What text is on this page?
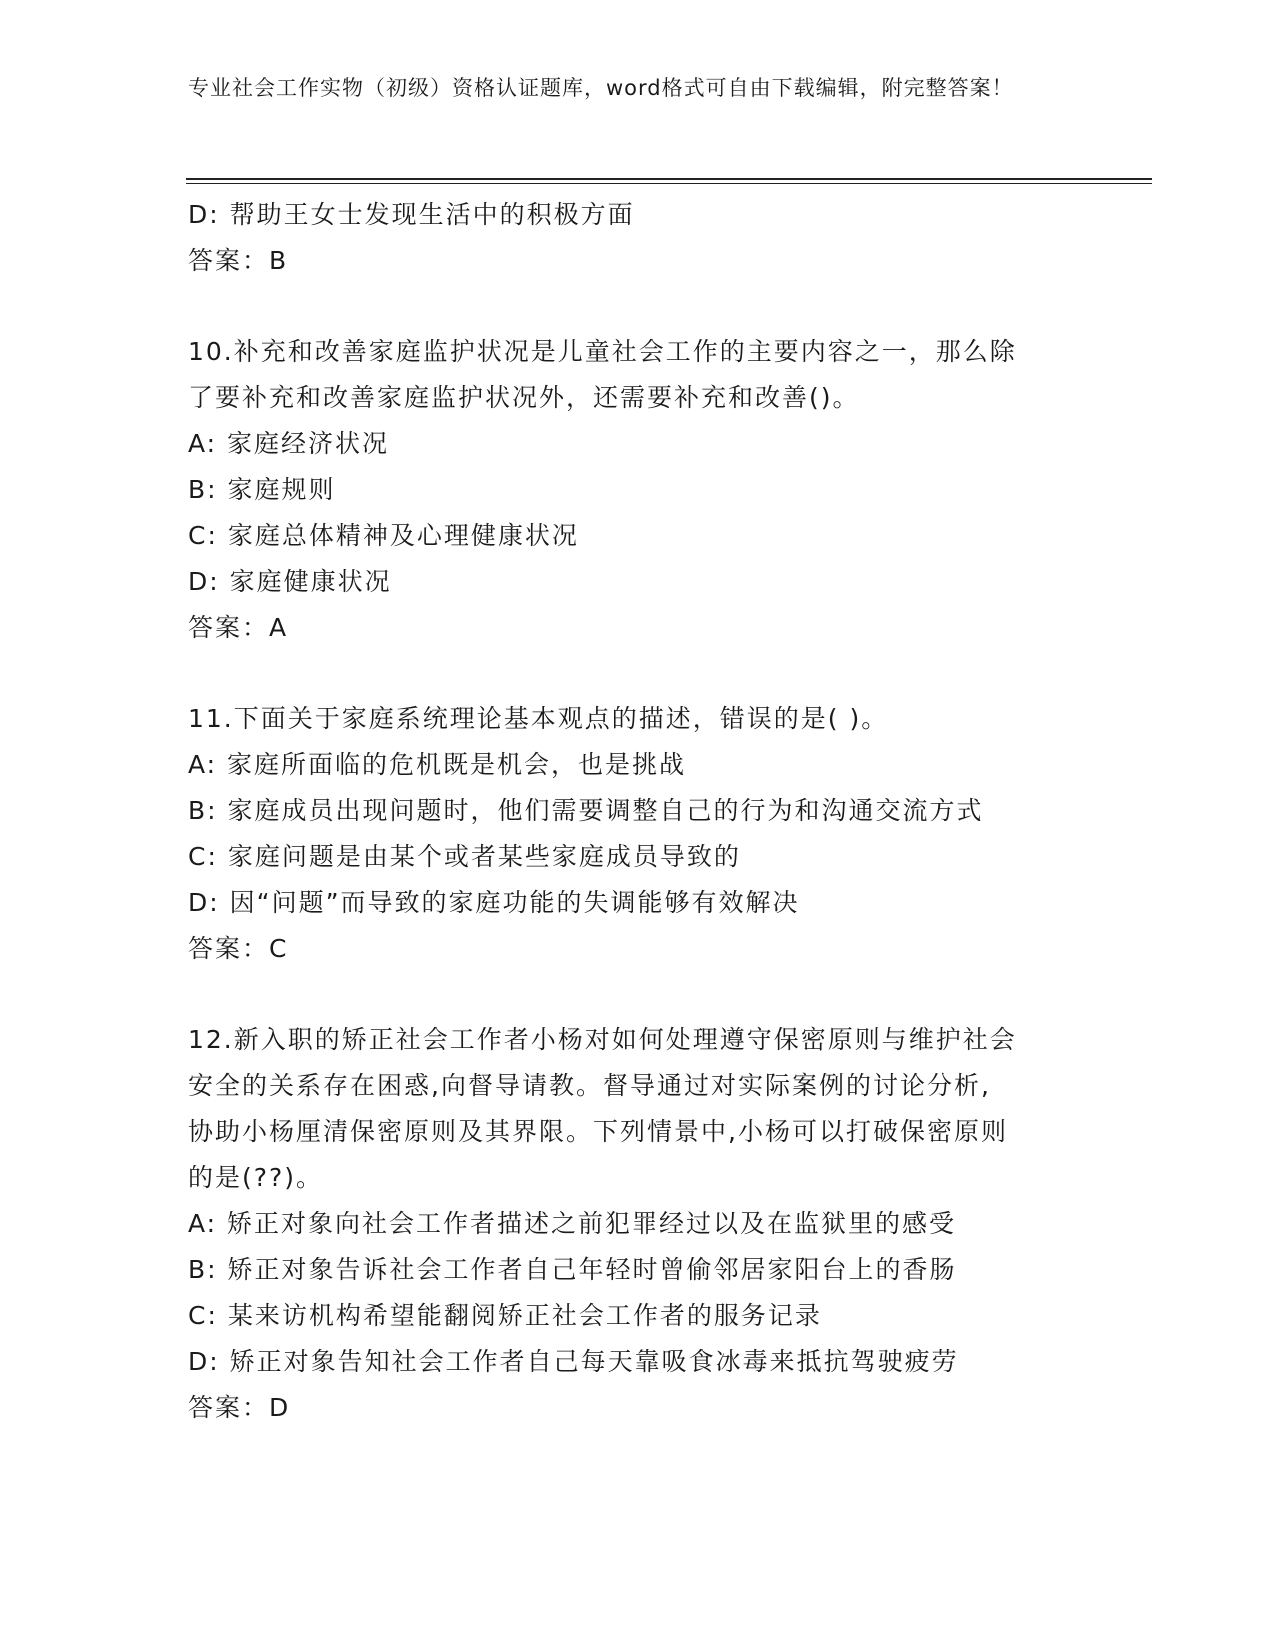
专业社会工作实物（初级）资格认证题库，word格式可自由下载编辑，附完整答案！
D: 帮助王女士发现生活中的积极方面
答案：B
10.补充和改善家庭监护状况是儿童社会工作的主要内容之一，那么除
了要补充和改善家庭监护状况外，还需要补充和改善()。
A: 家庭经济状况
B: 家庭规则
C: 家庭总体精神及心理健康状况
D: 家庭健康状况
答案：A
11.下面关于家庭系统理论基本观点的描述，错误的是( )。
A: 家庭所面临的危机既是机会，也是挑战
B: 家庭成员出现问题时，他们需要调整自己的行为和沟通交流方式
C: 家庭问题是由某个或者某些家庭成员导致的
D: 因“问题”而导致的家庭功能的失调能够有效解决
答案：C
12.新入职的矫正社会工作者小杨对如何处理遵守保密原则与维护社会
安全的关系存在困惑,向督导请教。督导通过对实际案例的讨论分析,
协助小杨厘清保密原则及其界限。下列情景中,小杨可以打破保密原则
的是(??)。
A: 矫正对象向社会工作者描述之前犯罪经过以及在监狱里的感受
B: 矫正对象告诉社会工作者自己年轻时曾偷邻居家阳台上的香肠
C: 某来访机构希望能翻阅矫正社会工作者的服务记录
D: 矫正对象告知社会工作者自己每天靠吸食冰毒来抵抗驾驶疲劳
答案：D
